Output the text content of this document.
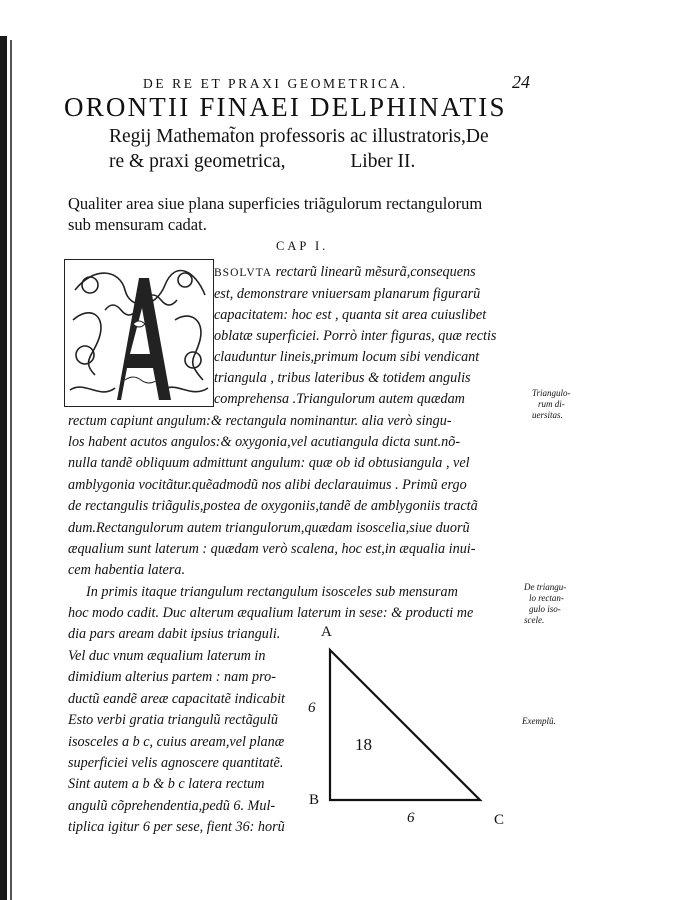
DE RE ET PRAXI GEOMETRICA.	24
ORONTII FINAEI DELPHINATIS
Regij Mathemat̃on professoris ac illustratoris,De
re & praxi geometrica,	Liber II.
Qualiter area siue plana superficies triãgulorum rectangulorum
sub mensuram cadat.
CAP I.
BSOLVTA rectarũ linearũ mẽsurã,consequens
est, demonstrare vniuersam planarum figurarũ
capacitatem: hoc est , quanta sit area cuiuslibet
oblatæ superficiei. Porrò inter figuras, quæ rectis
clauduntur lineis,primum locum sibi vendicant
triangula , tribus lateribus & totidem angulis
comprehensa .Triangulorum autem quædam
rectum capiunt angulum:& rectangula nominantur. alia verò singu-
los habent acutos angulos:& oxygonia,vel acutiangula dicta sunt.nõ-
nulla tandẽ obliquum admittunt angulum: quæ ob id obtusiangula , vel
amblygonia vocitãtur.quẽadmodũ nos alibi declarauimus . Primũ ergo
de rectangulis triãgulis,postea de oxygoniis,tandẽ de amblygoniis tractã
dum.Rectangulorum autem triangulorum,quædam isoscelia,siue duorũ
æqualium sunt laterum : quædam verò scalena, hoc est,in æqualia inui-
cem habentia latera.
In primis itaque triangulum rectangulum isosceles sub mensuram
hoc modo cadit. Duc alterum æqualium laterum in sese: & producti me
dia pars aream dabit ipsius trianguli.
Vel duc vnum æqualium laterum in
dimidium alterius partem : nam pro-
ductũ eandẽ areæ capacitatẽ indicabit
Esto verbi gratia triangulũ rectãgulũ
isosceles a b c, cuius aream,vel planæ
superficiei velis agnoscere quantitatẽ.
Sint autem a b & b c latera rectum
angulũ cõprehendentia,pedũ 6. Mul-
tiplica igitur 6 per sese, fient 36: horũ
Triangulo-
rum di-
uersitas.
De triangu-
lo rectan-
gulo iso-
scele.
Exemplũ.
A
B
C
6
6
18
